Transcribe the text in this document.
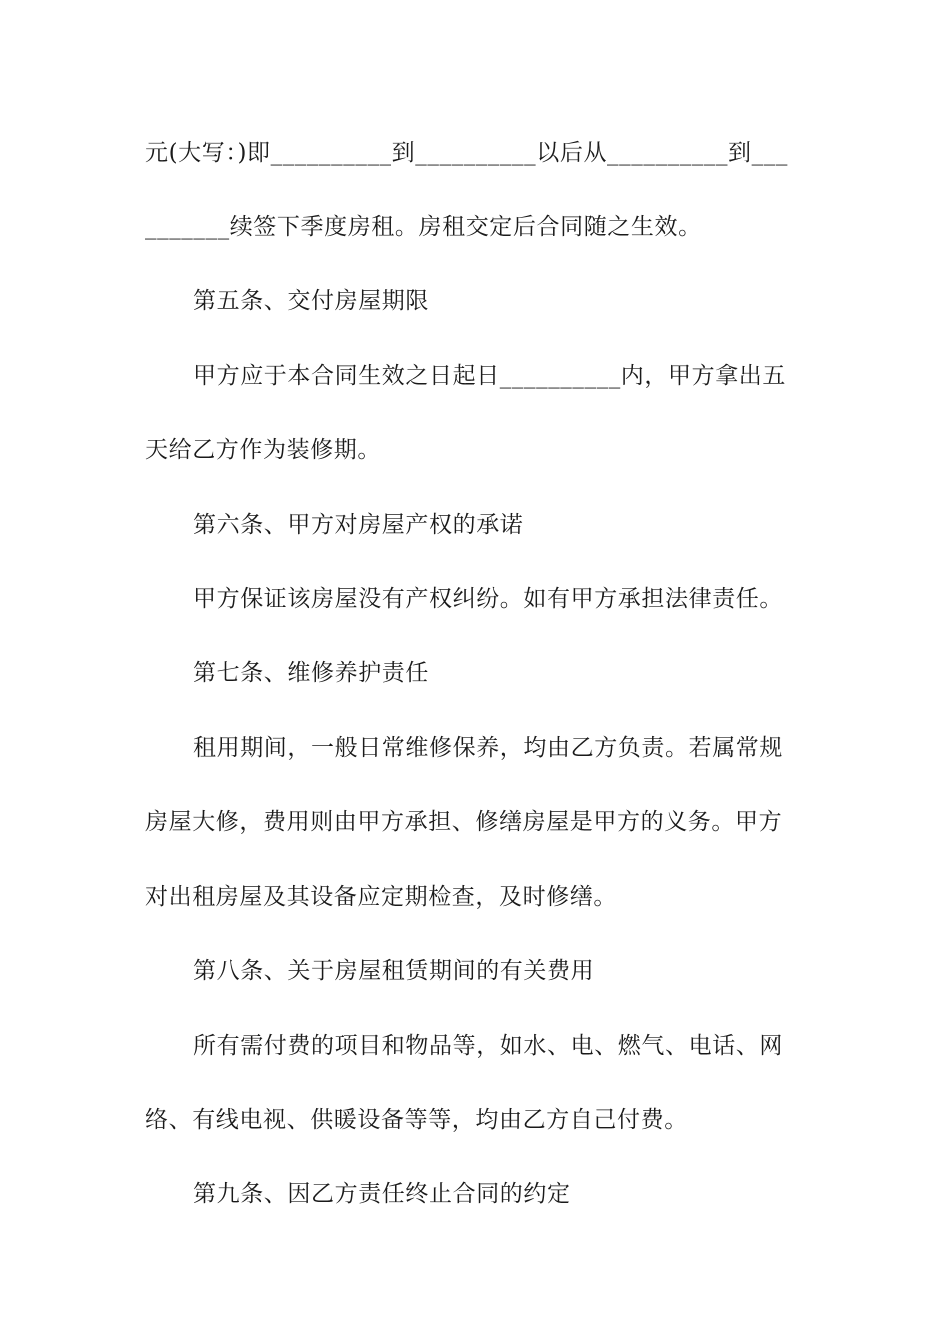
元(大写：)即__________到__________以后从__________到___
_______续签下季度房租。房租交定后合同随之生效。
第五条、交付房屋期限
甲方应于本合同生效之日起日__________内，甲方拿出五
天给乙方作为装修期。
第六条、甲方对房屋产权的承诺
甲方保证该房屋没有产权纠纷。如有甲方承担法律责任。
第七条、维修养护责任
租用期间，一般日常维修保养，均由乙方负责。若属常规
房屋大修，费用则由甲方承担、修缮房屋是甲方的义务。甲方
对出租房屋及其设备应定期检查，及时修缮。
第八条、关于房屋租赁期间的有关费用
所有需付费的项目和物品等，如水、电、燃气、电话、网
络、有线电视、供暖设备等等，均由乙方自己付费。
第九条、因乙方责任终止合同的约定
